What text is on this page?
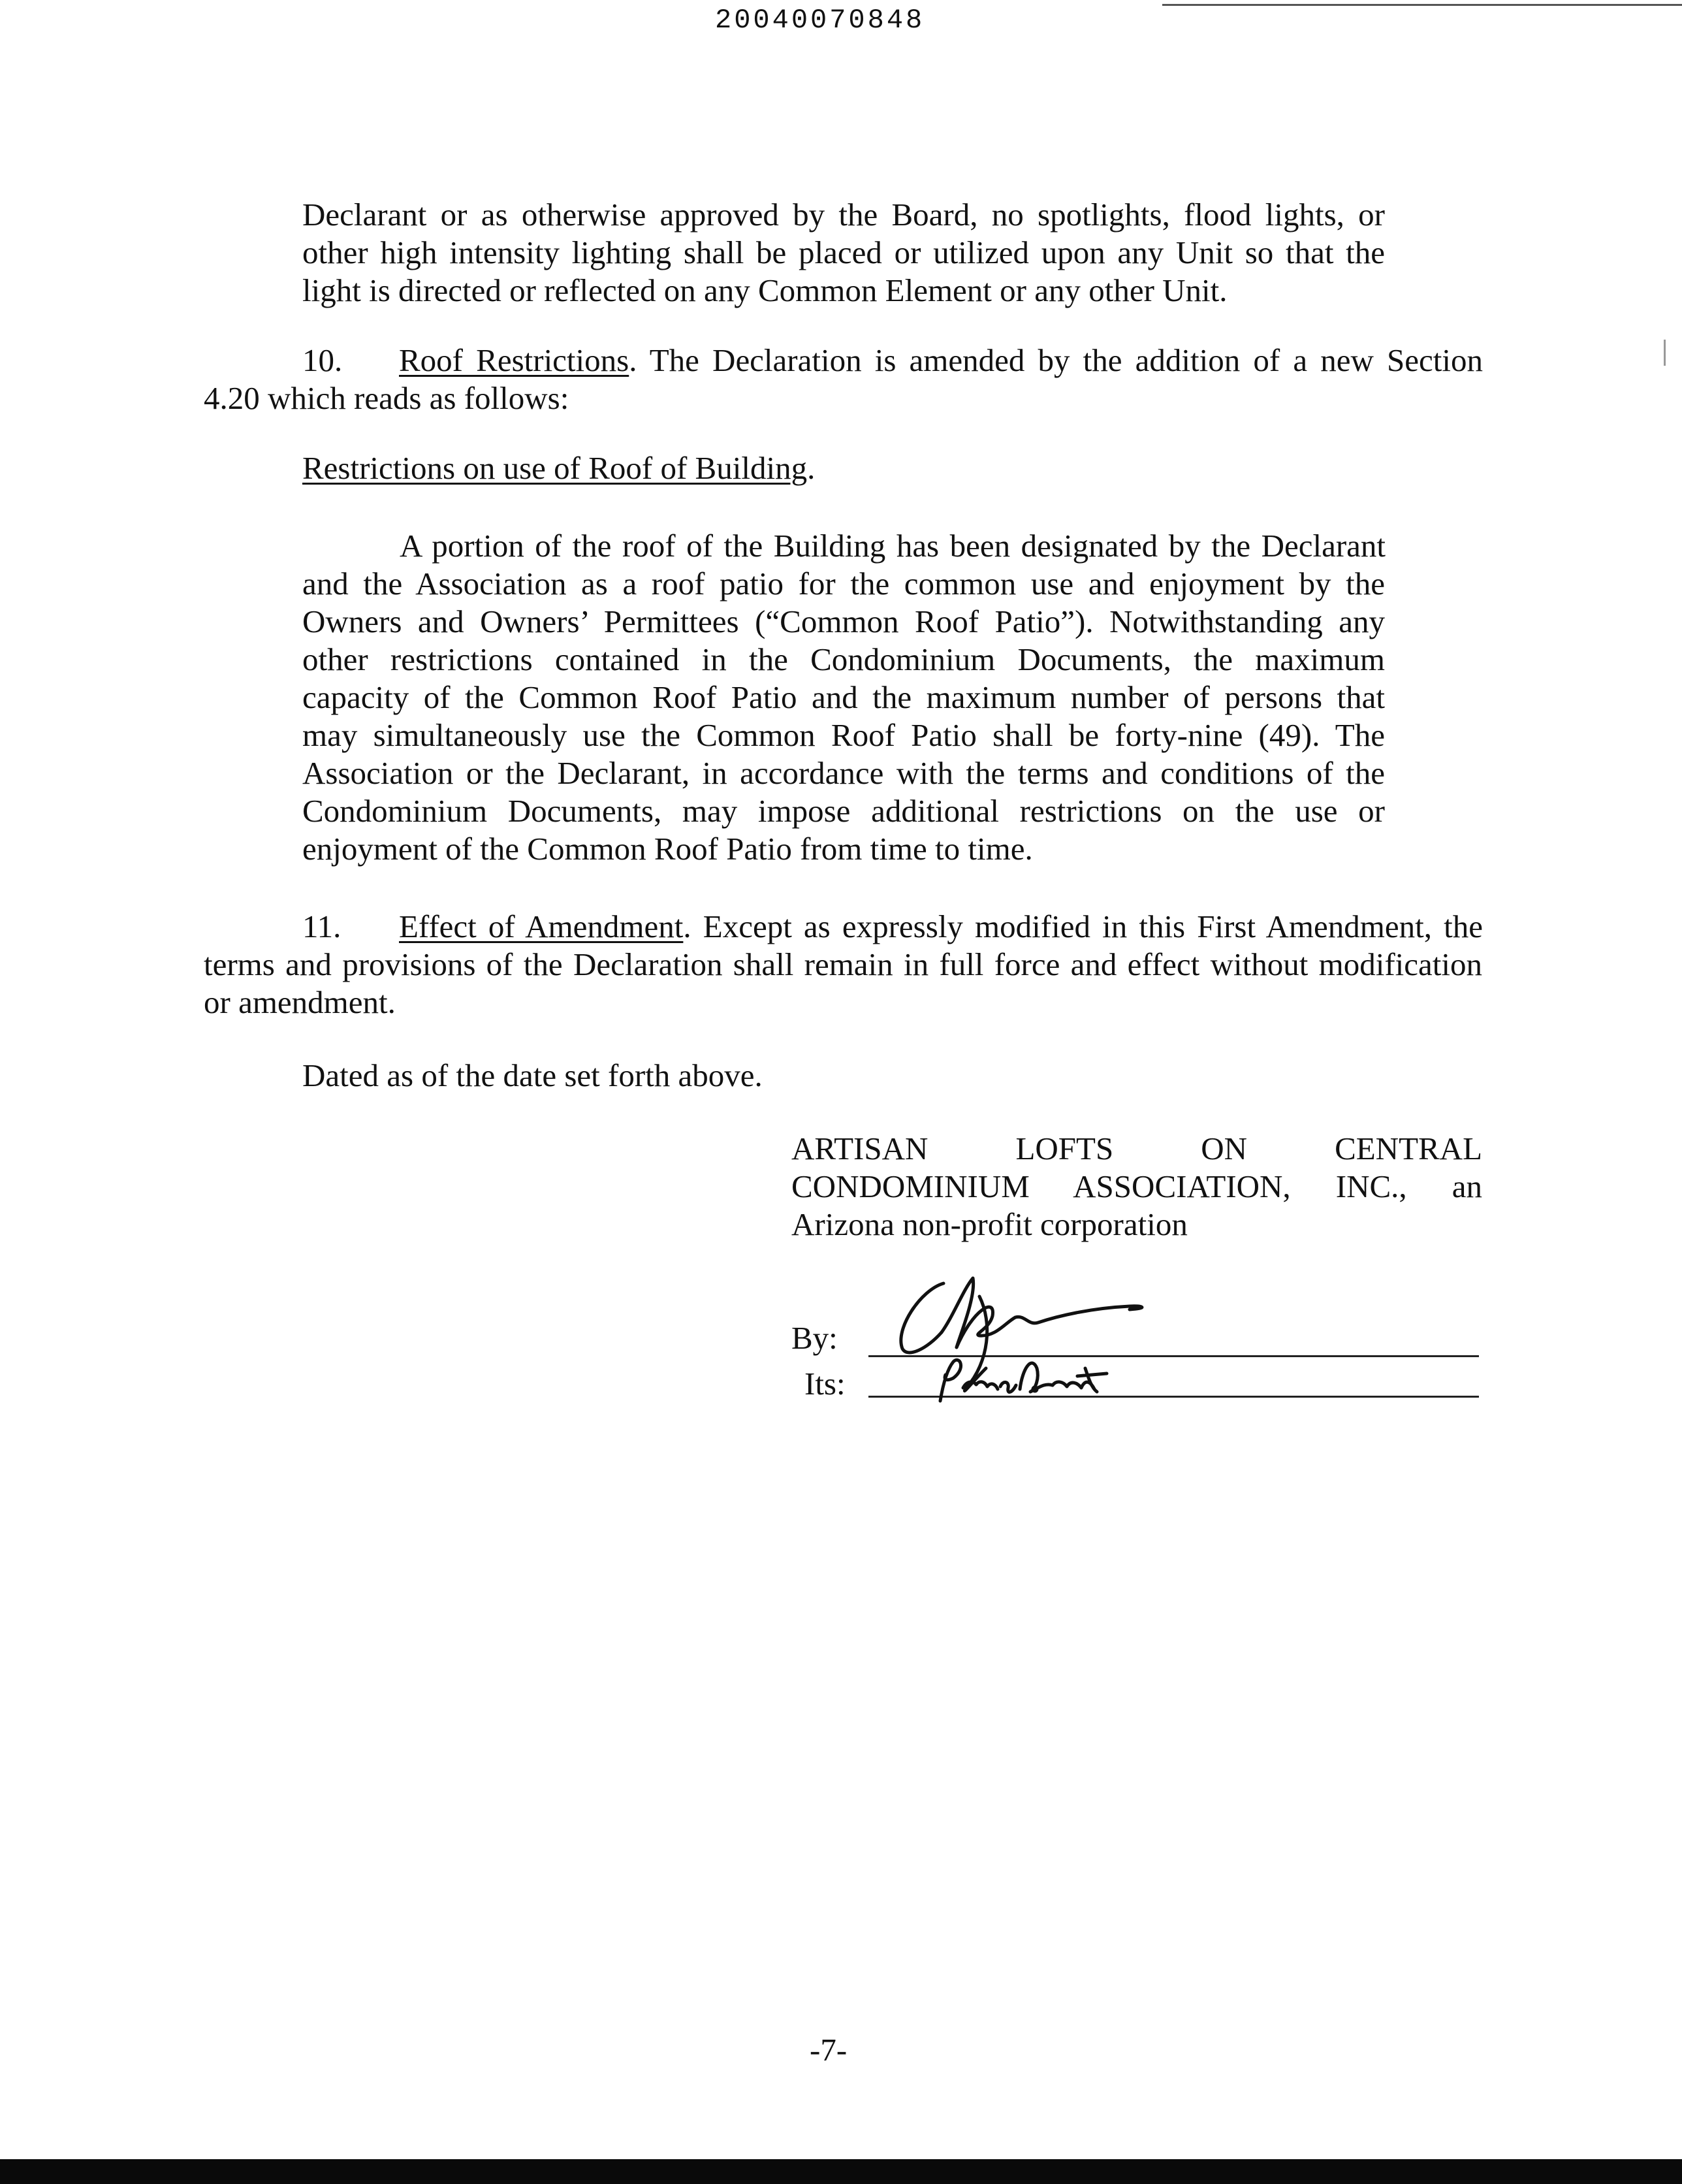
20040070848

Declarant or as otherwise approved by the Board, no spotlights, flood lights, or

other high intensity lighting shall be placed or utilized upon any Unit so that the

light is directed or reflected on any Common Element or any other Unit.

10. Roof Restrictions. The Declaration is amended by the addition of a new Section

4.20 which reads as follows:

Restrictions on use of Roof of Building.

A portion of the roof of the Building has been designated by the Declarant

and the Association as a roof patio for the common use and enjoyment by the

Owners and Owners’ Permittees (“Common Roof Patio”). Notwithstanding any

other restrictions contained in the Condominium Documents, the maximum

capacity of the Common Roof Patio and the maximum number of persons that

may simultaneously use the Common Roof Patio shall be forty-nine (49). The

Association or the Declarant, in accordance with the terms and conditions of the

Condominium Documents, may impose additional restrictions on the use or

enjoyment of the Common Roof Patio from time to time.

11. Effect of Amendment. Except as expressly modified in this First Amendment, the

terms and provisions of the Declaration shall remain in full force and effect without modification

or amendment.

Dated as of the date set forth above.

ARTISAN LOFTS ON CENTRAL

CONDOMINIUM ASSOCIATION, INC., an

Arizona non-profit corporation

By:
Its:
-7-
